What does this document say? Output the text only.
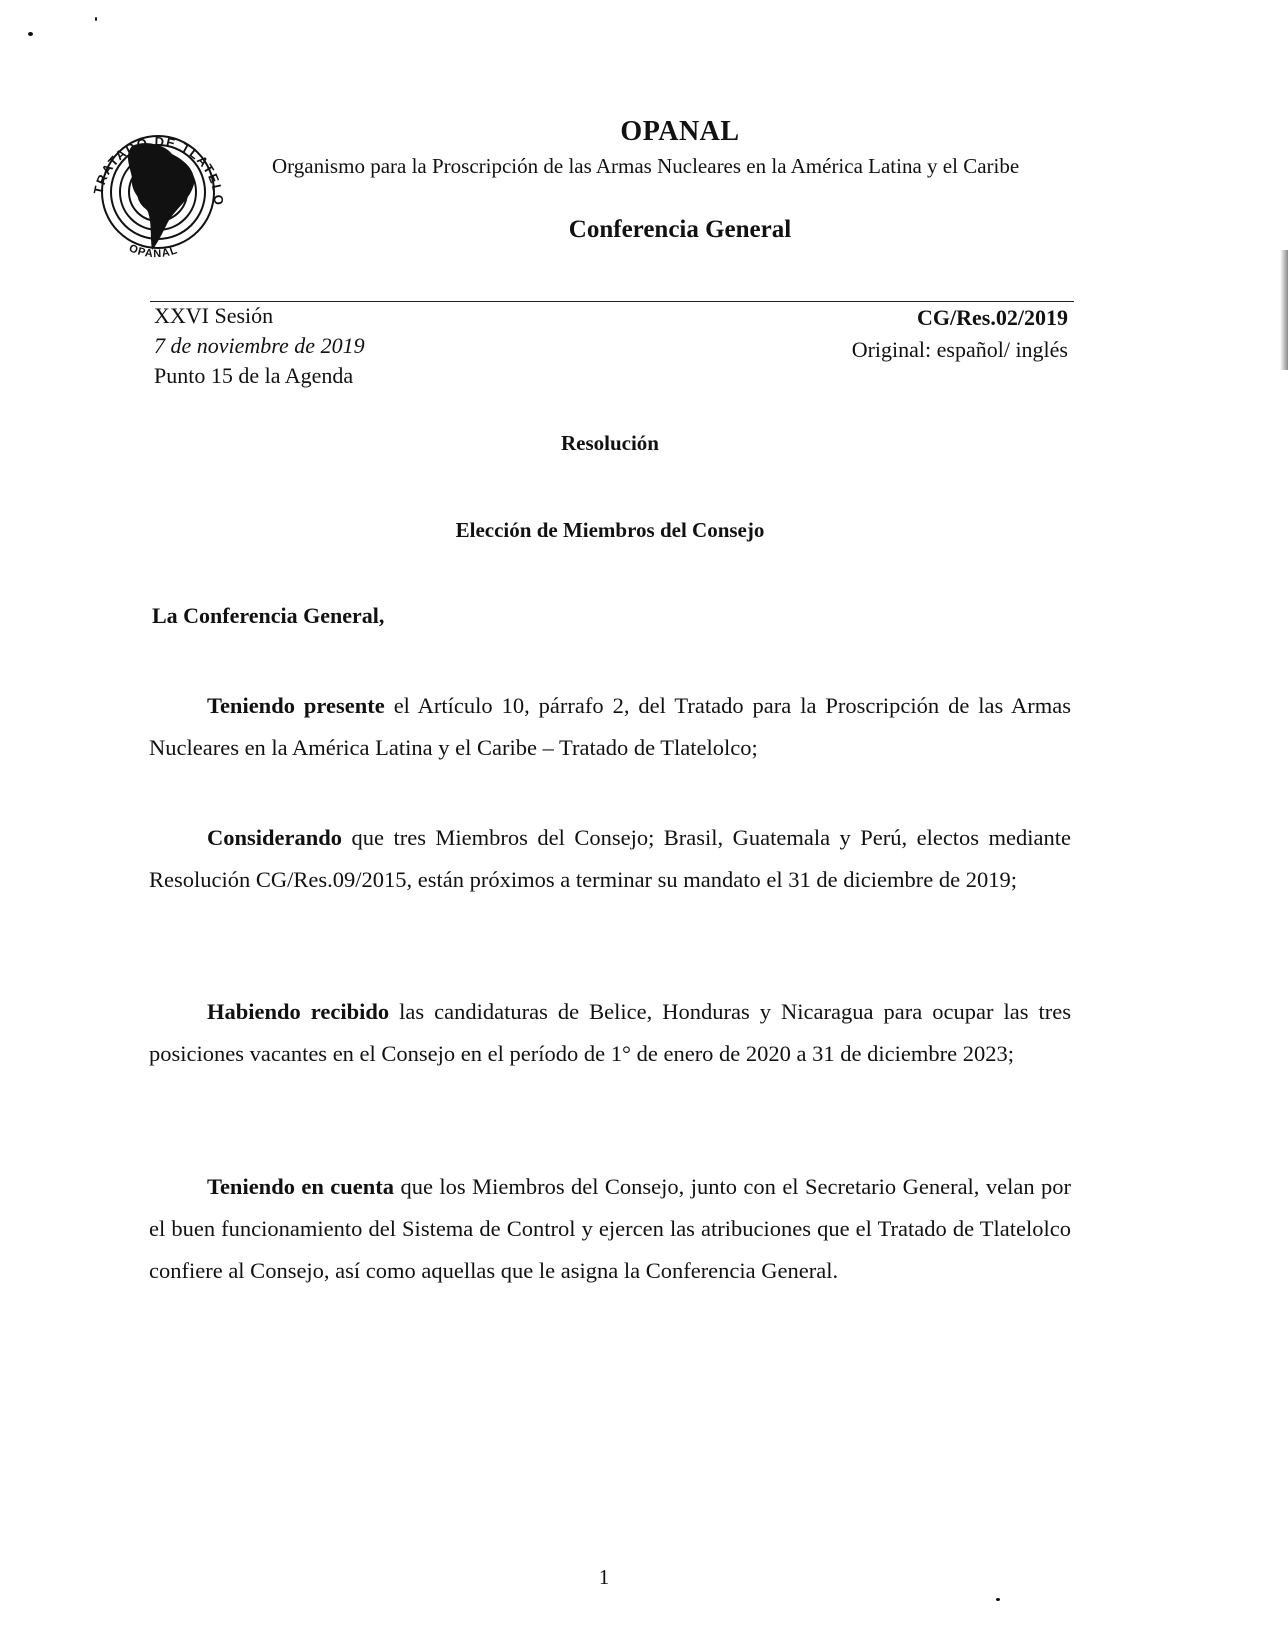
TRATADO DE TLATELO
OPANAL
OPANAL
Organismo para la Proscripción de las Armas Nucleares en la América Latina y el Caribe
Conferencia General
XXVI Sesión
7 de noviembre de 2019
Punto 15 de la Agenda
CG/Res.02/2019
Original: español/ inglés
Resolución
Elección de Miembros del Consejo
La Conferencia General,

Teniendo presente el Artículo 10, párrafo 2, del Tratado para la Proscripción de las Armas Nucleares en la América Latina y el Caribe – Tratado de Tlatelolco;

Considerando que tres Miembros del Consejo; Brasil, Guatemala y Perú, electos mediante Resolución CG/Res.09/2015, están próximos a terminar su mandato el 31 de diciembre de 2019;

Habiendo recibido las candidaturas de Belice, Honduras y Nicaragua para ocupar las tres posiciones vacantes en el Consejo en el período de 1° de enero de 2020 a 31 de diciembre 2023;

Teniendo en cuenta que los Miembros del Consejo, junto con el Secretario General, velan por el buen funcionamiento del Sistema de Control y ejercen las atribuciones que el Tratado de Tlatelolco confiere al Consejo, así como aquellas que le asigna la Conferencia General.

1
